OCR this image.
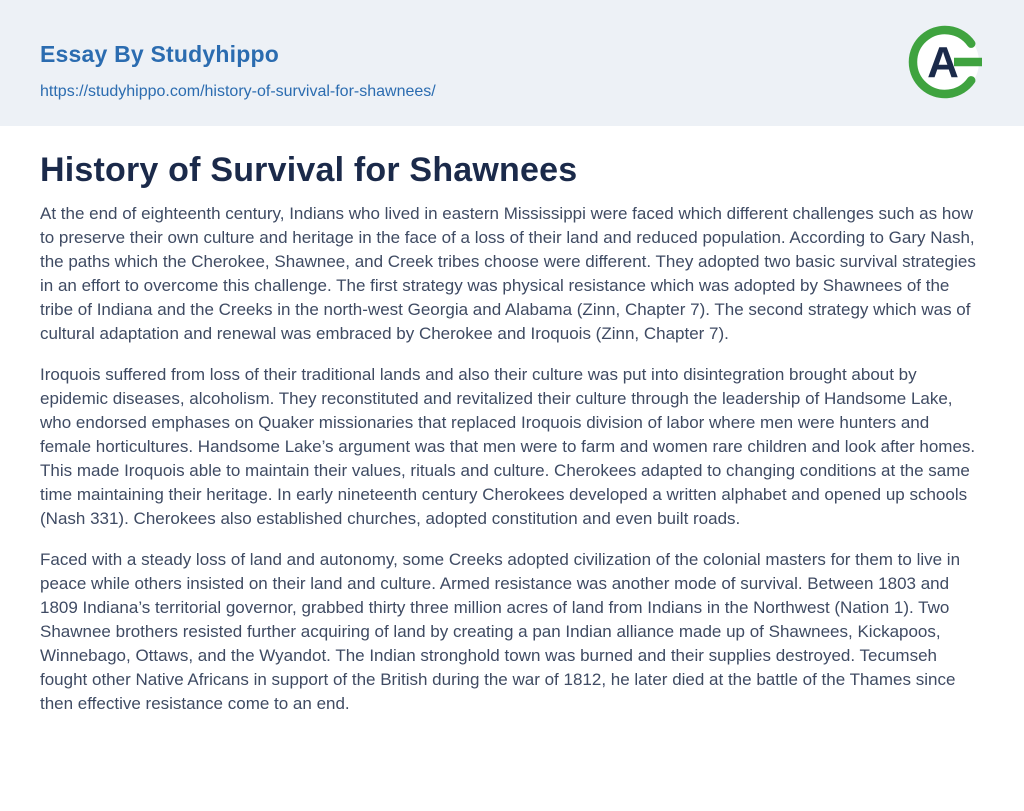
Essay By Studyhippo
https://studyhippo.com/history-of-survival-for-shawnees/
A
History of Survival for Shawnees

At the end of eighteenth century, Indians who lived in eastern Mississippi were faced which different challenges such as how to preserve their own culture and heritage in the face of a loss of their land and reduced population. According to Gary Nash, the paths which the Cherokee, Shawnee, and Creek tribes choose were different. They adopted two basic survival strategies in an effort to overcome this challenge. The first strategy was physical resistance which was adopted by Shawnees of the tribe of Indiana and the Creeks in the north-west Georgia and Alabama (Zinn, Chapter 7). The second strategy which was of cultural adaptation and renewal was embraced by Cherokee and Iroquois (Zinn, Chapter 7).

Iroquois suffered from loss of their traditional lands and also their culture was put into disintegration brought about by epidemic diseases, alcoholism. They reconstituted and revitalized their culture through the leadership of Handsome Lake, who endorsed emphases on Quaker missionaries that replaced Iroquois division of labor where men were hunters and female horticultures. Handsome Lake’s argument was that men were to farm and women rare children and look after homes. This made Iroquois able to maintain their values, rituals and culture. Cherokees adapted to changing conditions at the same time maintaining their heritage. In early nineteenth century Cherokees developed a written alphabet and opened up schools (Nash 331). Cherokees also established churches, adopted constitution and even built roads.

Faced with a steady loss of land and autonomy, some Creeks adopted civilization of the colonial masters for them to live in peace while others insisted on their land and culture. Armed resistance was another mode of survival. Between 1803 and 1809 Indiana’s territorial governor, grabbed thirty three million acres of land from Indians in the Northwest (Nation 1). Two Shawnee brothers resisted further acquiring of land by creating a pan Indian alliance made up of Shawnees, Kickapoos, Winnebago, Ottaws, and the Wyandot. The Indian stronghold town was burned and their supplies destroyed. Tecumseh fought other Native Africans in support of the British during the war of 1812, he later died at the battle of the Thames since then effective resistance come to an end.
